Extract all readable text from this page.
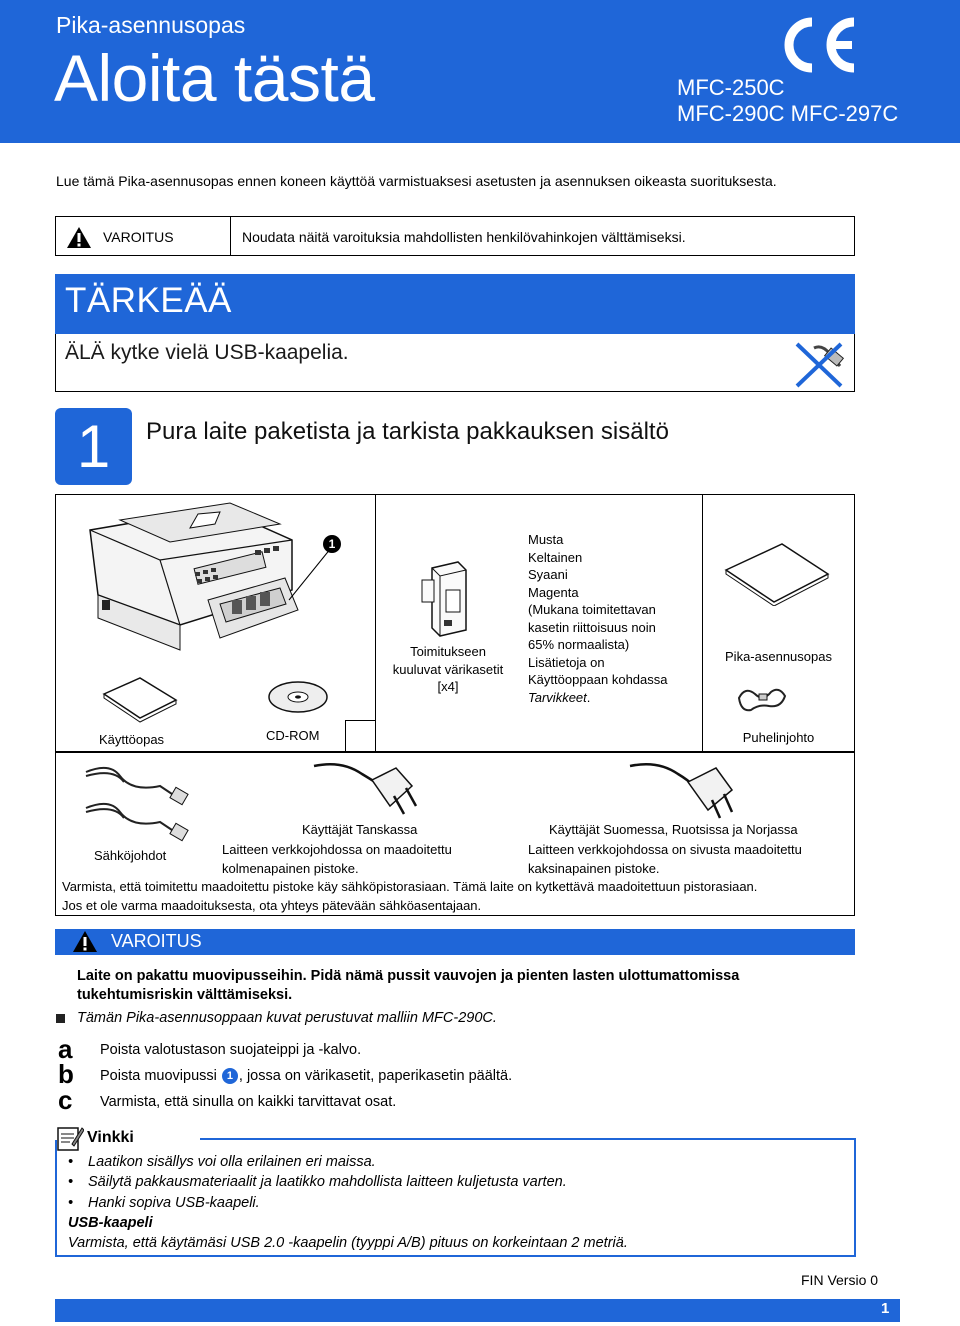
Pika-asennusopas
Aloita tästä	MFC-250C
MFC-290C MFC-297C
Lue tämä Pika-asennusopas ennen koneen käyttöä varmistuaksesi asetusten ja asennuksen oikeasta suorituksesta.
VAROITUS	Noudata näitä varoituksia mahdollisten henkilövahinkojen välttämiseksi.
TÄRKEÄÄ
ÄLÄ kytke vielä USB-kaapelia.
1	Pura laite paketista ja tarkista pakkauksen sisältö
1
Toimitukseen
kuuluvat värikasetit
[x4]
Musta
Keltainen
Syaani
Magenta
(Mukana toimitettavan
kasetin riittoisuus noin
65% normaalista)
Lisätietoja on
Käyttöoppaan kohdassa
Tarvikkeet.
Pika-asennusopas
Puhelinjohto
Käyttöopas	CD-ROM
Sähköjohdot
Käyttäjät Tanskassa
Laitteen verkkojohdossa on maadoitettu
kolmenapainen pistoke.
Käyttäjät Suomessa, Ruotsissa ja Norjassa
Laitteen verkkojohdossa on sivusta maadoitettu
kaksinapainen pistoke.
Varmista, että toimitettu maadoitettu pistoke käy sähköpistorasiaan. Tämä laite on kytkettävä maadoitettuun pistorasiaan.
Jos et ole varma maadoituksesta, ota yhteys pätevään sähköasentajaan.
VAROITUS
Laite on pakattu muovipusseihin. Pidä nämä pussit vauvojen ja pienten lasten ulottumattomissa tukehtumisriskin välttämiseksi.
Tämän Pika-asennusoppaan kuvat perustuvat malliin MFC-290C.
a Poista valotustason suojateippi ja -kalvo.
b Poista muovipussi 1 , jossa on värikasetit, paperikasetin päältä.
c Varmista, että sinulla on kaikki tarvittavat osat.
Vinkki
• Laatikon sisällys voi olla erilainen eri maissa.
• Säilytä pakkausmateriaalit ja laatikko mahdollista laitteen kuljetusta varten.
• Hanki sopiva USB-kaapeli.
USB-kaapeli
Varmista, että käytämäsi USB 2.0 -kaapelin (tyyppi A/B) pituus on korkeintaan 2 metriä.
FIN Versio 0
1
